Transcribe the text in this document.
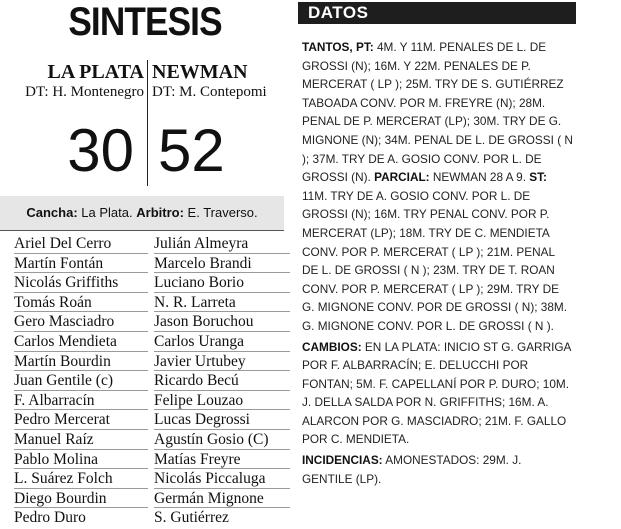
SINTESIS
LA PLATA NEWMAN
DT: H. Montenegro DT: M. Contepomi
30 52
Cancha: La Plata. Arbitro: E. Traverso.
Ariel Del Cerro
Martín Fontán
Nicolás Griffiths
Tomás Roán
Gero Masciadro
Carlos Mendieta
Martín Bourdin
Juan Gentile (c)
F. Albarracín
Pedro Mercerat
Manuel Raíz
Pablo Molina
L. Suárez Folch
Diego Bourdin
Pedro Duro
Julián Almeyra
Marcelo Brandi
Luciano Borio
N. R. Larreta
Jason Boruchou
Carlos Uranga
Javier Urtubey
Ricardo Becú
Felipe Louzao
Lucas Degrossi
Agustín Gosio (C)
Matías Freyre
Nicolás Piccaluga
Germán Mignone
S. Gutiérrez
DATOS

TANTOS, PT: 4M. Y 11M. PENALES DE L. DE GROSSI (N); 16M. Y 22M. PENALES DE P. MERCERAT ( LP ); 25M. TRY DE S. GUTIÉRREZ TABOADA CONV. POR M. FREYRE (N); 28M. PENAL DE P. MERCERAT (LP); 30M. TRY DE G. MIGNONE (N); 34M. PENAL DE L. DE GROSSI ( N ); 37M. TRY DE A. GOSIO CONV. POR L. DE GROSSI (N). PARCIAL: NEWMAN 28 A 9. ST: 11M. TRY DE A. GOSIO CONV. POR L. DE GROSSI (N); 16M. TRY PENAL CONV. POR P. MERCERAT (LP); 18M. TRY DE C. MENDIETA CONV. POR P. MERCERAT ( LP ); 21M. PENAL DE L. DE GROSSI ( N ); 23M. TRY DE T. ROAN CONV. POR P. MERCERAT ( LP ); 29M. TRY DE G. MIGNONE CONV. POR DE GROSSI ( N); 38M. G. MIGNONE CONV. POR L. DE GROSSI ( N ).

CAMBIOS: EN LA PLATA: INICIO ST G. GARRIGA POR F. ALBARRACÍN; E. DELUCCHI POR FONTAN; 5M. F. CAPELLANÍ POR P. DURO; 10M. J. DELLA SALDA POR N. GRIFFITHS; 16M. A. ALARCON POR G. MASCIADRO; 21M. F. GALLO POR C. MENDIETA.

INCIDENCIAS: AMONESTADOS: 29M. J. GENTILE (LP).
